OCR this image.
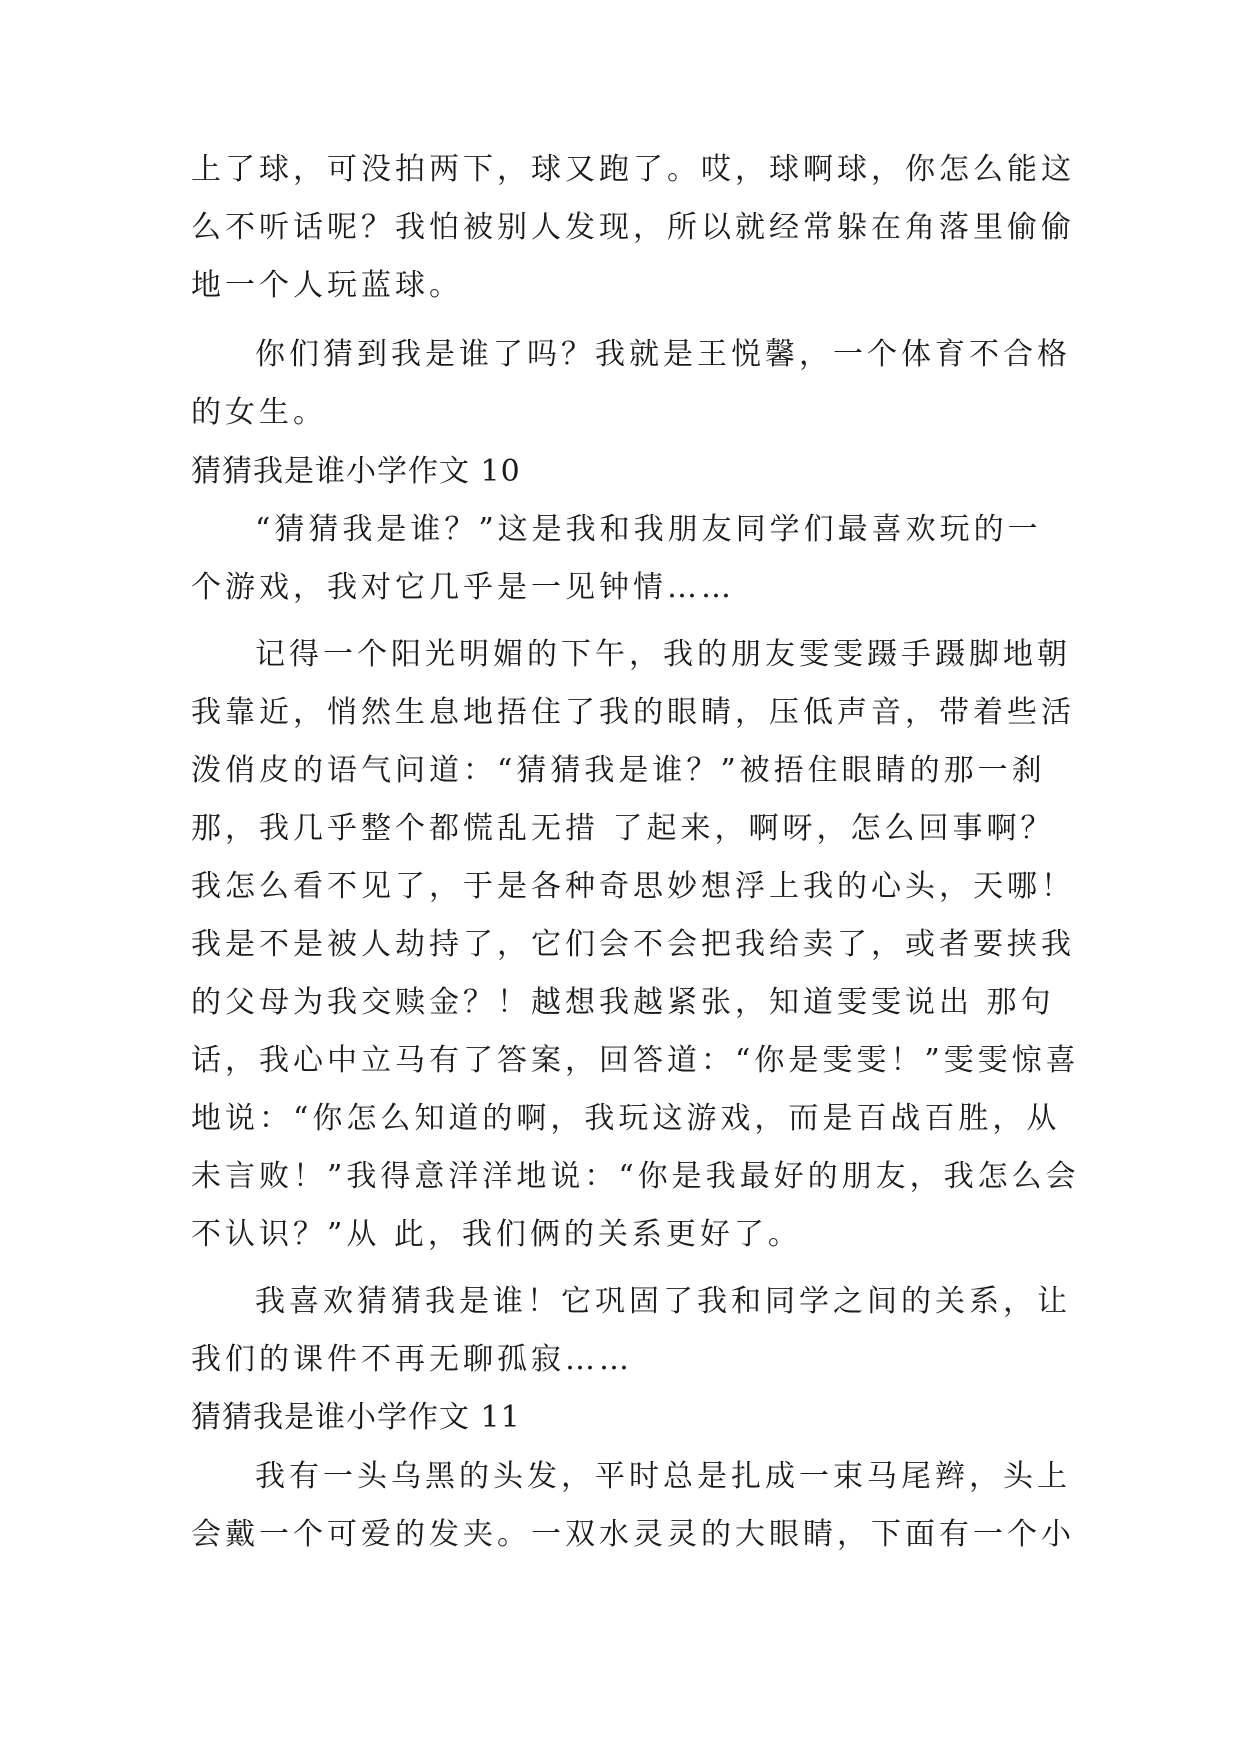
上了球，可没拍两下，球又跑了。哎，球啊球，你怎么能这
么不听话呢？我怕被别人发现，所以就经常躲在角落里偷偷
地一个人玩蓝球。
你们猜到我是谁了吗？我就是王悦馨，一个体育不合格
的女生。
猜猜我是谁小学作文 10
“猜猜我是谁？”这是我和我朋友同学们最喜欢玩的一
个游戏，我对它几乎是一见钟情……
记得一个阳光明媚的下午，我的朋友雯雯蹑手蹑脚地朝
我靠近，悄然生息地捂住了我的眼睛，压低声音，带着些活
泼俏皮的语气问道：“猜猜我是谁？”被捂住眼睛的那一刹
那，我几乎整个都慌乱无措 了起来，啊呀，怎么回事啊？
我怎么看不见了，于是各种奇思妙想浮上我的心头，天哪！
我是不是被人劫持了，它们会不会把我给卖了，或者要挟我
的父母为我交赎金？！越想我越紧张，知道雯雯说出 那句
话，我心中立马有了答案，回答道：“你是雯雯！”雯雯惊喜
地说：“你怎么知道的啊，我玩这游戏，而是百战百胜，从
未言败！”我得意洋洋地说：“你是我最好的朋友，我怎么会
不认识？”从 此，我们俩的关系更好了。
我喜欢猜猜我是谁！它巩固了我和同学之间的关系，让
我们的课件不再无聊孤寂……
猜猜我是谁小学作文 11
我有一头乌黑的头发，平时总是扎成一束马尾辫，头上
会戴一个可爱的发夹。一双水灵灵的大眼睛，下面有一个小
